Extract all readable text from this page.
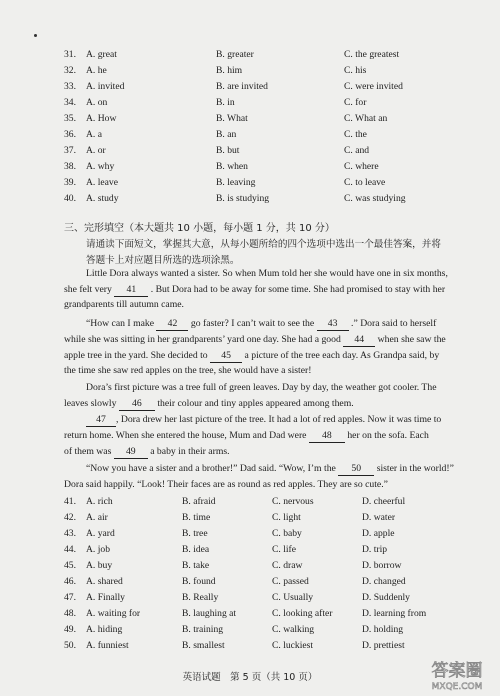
31. A. great	B. greater	C. the greatest
32. A. he	B. him	C. his
33. A. invited	B. are invited	C. were invited
34. A. on	B. in	C. for
35. A. How	B. What	C. What an
36. A. a	B. an	C. the
37. A. or	B. but	C. and
38. A. why	B. when	C. where
39. A. leave	B. leaving	C. to leave
40. A. study	B. is studying	C. was studying
三、完形填空（本大题共 10 小题，每小题 1 分，共 10 分）
请通读下面短文，掌握其大意，从每小题所给的四个选项中选出一个最佳答案，并将
答题卡上对应题目所选的选项涂黑。
Little Dora always wanted a sister. So when Mum told her she would have one in six months,
she felt very 41 . But Dora had to be away for some time. She had promised to stay with her
grandparents till autumn came.
“How can I make 42 go faster? I can’t wait to see the 43 .” Dora said to herself
while she was sitting in her grandparents’ yard one day. She had a good 44 when she saw the
apple tree in the yard. She decided to 45 a picture of the tree each day. As Grandpa said, by
the time she saw red apples on the tree, she would have a sister!
Dora’s first picture was a tree full of green leaves. Day by day, the weather got cooler. The
leaves slowly 46 their colour and tiny apples appeared among them.
47 , Dora drew her last picture of the tree. It had a lot of red apples. Now it was time to
return home. When she entered the house, Mum and Dad were 48 her on the sofa. Each
of them was 49 a baby in their arms.
“Now you have a sister and a brother!” Dad said. “Wow, I’m the 50 sister in the world!”
Dora said happily. “Look! Their faces are as round as red apples. They are so cute.”
41. A. rich	B. afraid	C. nervous	D. cheerful
42. A. air	B. time	C. light	D. water
43. A. yard	B. tree	C. baby	D. apple
44. A. job	B. idea	C. life	D. trip
45. A. buy	B. take	C. draw	D. borrow
46. A. shared	B. found	C. passed	D. changed
47. A. Finally	B. Really	C. Usually	D. Suddenly
48. A. waiting for	B. laughing at	C. looking after	D. learning from
49. A. hiding	B. training	C. walking	D. holding
50. A. funniest	B. smallest	C. luckiest	D. prettiest
英语试题　第 5 页（共 10 页）	答案圈
MXQE.COM
